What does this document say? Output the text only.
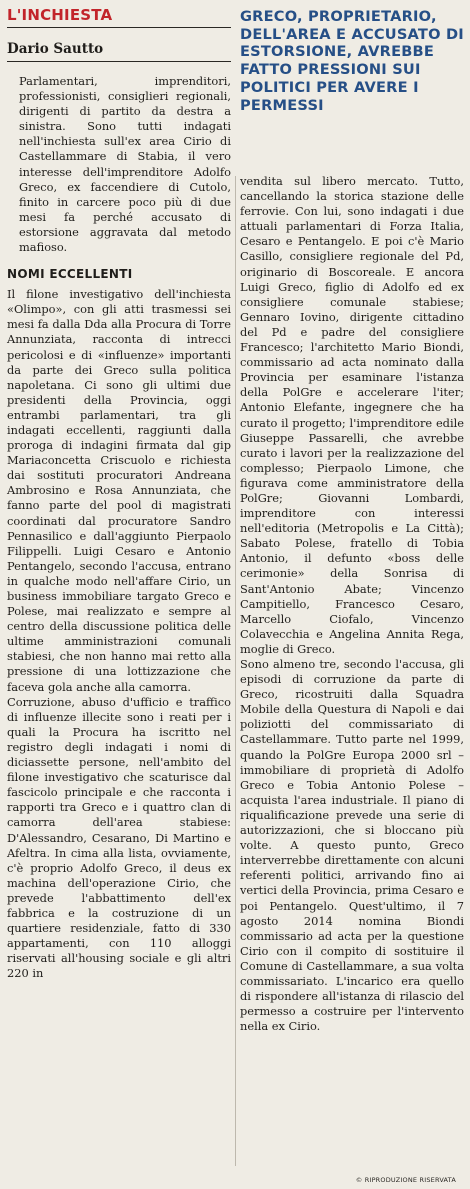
L'INCHIESTA
Dario Sautto

Parlamentari, imprenditori, professionisti, consiglieri regionali, dirigenti di partito da destra a sinistra. Sono tutti indagati nell'inchiesta sull'ex area Cirio di Castellammare di Stabia, il vero interesse dell'imprenditore Adolfo Greco, ex faccendiere di Cutolo, finito in carcere poco più di due mesi fa perché accusato di estorsione aggravata dal metodo mafioso.

NOMI ECCELLENTI

Il filone investigativo dell'inchiesta «Olimpo», con gli atti trasmessi sei mesi fa dalla Dda alla Procura di Torre Annunziata, racconta di intrecci pericolosi e di «influenze» importanti da parte dei Greco sulla politica napoletana. Ci sono gli ultimi due presidenti della Provincia, oggi entrambi parlamentari, tra gli indagati eccellenti, raggiunti dalla proroga di indagini firmata dal gip Mariaconcetta Criscuolo e richiesta dai sostituti procuratori Andreana Ambrosino e Rosa Annunziata, che fanno parte del pool di magistrati coordinati dal procuratore Sandro Pennasilico e dall'aggiunto Pierpaolo Filippelli. Luigi Cesaro e Antonio Pentangelo, secondo l'accusa, entrano in qualche modo nell'affare Cirio, un business immobiliare targato Greco e Polese, mai realizzato e sempre al centro della discussione politica delle ultime amministrazioni comunali stabiesi, che non hanno mai retto alla pressione di una lottizzazione che faceva gola anche alla camorra.

Corruzione, abuso d'ufficio e traffico di influenze illecite sono i reati per i quali la Procura ha iscritto nel registro degli indagati i nomi di diciassette persone, nell'ambito del filone investigativo che scaturisce dal fascicolo principale e che racconta i rapporti tra Greco e i quattro clan di camorra dell'area stabiese: D'Alessandro, Cesarano, Di Martino e Afeltra. In cima alla lista, ovviamente, c'è proprio Adolfo Greco, il deus ex machina dell'operazione Cirio, che prevede l'abbattimento dell'ex fabbrica e la costruzione di un quartiere residenziale, fatto di 330 appartamenti, con 110 alloggi riservati all'housing sociale e gli altri 220 in

GRECO, PROPRIETARIO, DELL'AREA E ACCUSATO DI ESTORSIONE, AVREBBE FATTO PRESSIONI SUI POLITICI PER AVERE I PERMESSI

vendita sul libero mercato. Tutto, cancellando la storica stazione delle ferrovie. Con lui, sono indagati i due attuali parlamentari di Forza Italia, Cesaro e Pentangelo. E poi c'è Mario Casillo, consigliere regionale del Pd, originario di Boscoreale. E ancora Luigi Greco, figlio di Adolfo ed ex consigliere comunale stabiese; Gennaro Iovino, dirigente cittadino del Pd e padre del consigliere Francesco; l'architetto Mario Biondi, commissario ad acta nominato dalla Provincia per esaminare l'istanza della PolGre e accelerare l'iter; Antonio Elefante, ingegnere che ha curato il progetto; l'imprenditore edile Giuseppe Passarelli, che avrebbe curato i lavori per la realizzazione del complesso; Pierpaolo Limone, che figurava come amministratore della PolGre; Giovanni Lombardi, imprenditore con interessi nell'editoria (Metropolis e La Città); Sabato Polese, fratello di Tobia Antonio, il defunto «boss delle cerimonie» della Sonrisa di Sant'Antonio Abate; Vincenzo Campitiello, Francesco Cesaro, Marcello Ciofalo, Vincenzo Colavecchia e Angelina Annita Rega, moglie di Greco.

Sono almeno tre, secondo l'accusa, gli episodi di corruzione da parte di Greco, ricostruiti dalla Squadra Mobile della Questura di Napoli e dai poliziotti del commissariato di Castellammare. Tutto parte nel 1999, quando la PolGre Europa 2000 srl – immobiliare di proprietà di Adolfo Greco e Tobia Antonio Polese – acquista l'area industriale. Il piano di riqualificazione prevede una serie di autorizzazioni, che si bloccano più volte. A questo punto, Greco interverrebbe direttamente con alcuni referenti politici, arrivando fino ai vertici della Provincia, prima Cesaro e poi Pentangelo. Quest'ultimo, il 7 agosto 2014 nomina Biondi commissario ad acta per la questione Cirio con il compito di sostituire il Comune di Castellammare, a sua volta commissariato. L'incarico era quello di rispondere all'istanza di rilascio del permesso a costruire per l'intervento nella ex Cirio.

© RIPRODUZIONE RISERVATA
